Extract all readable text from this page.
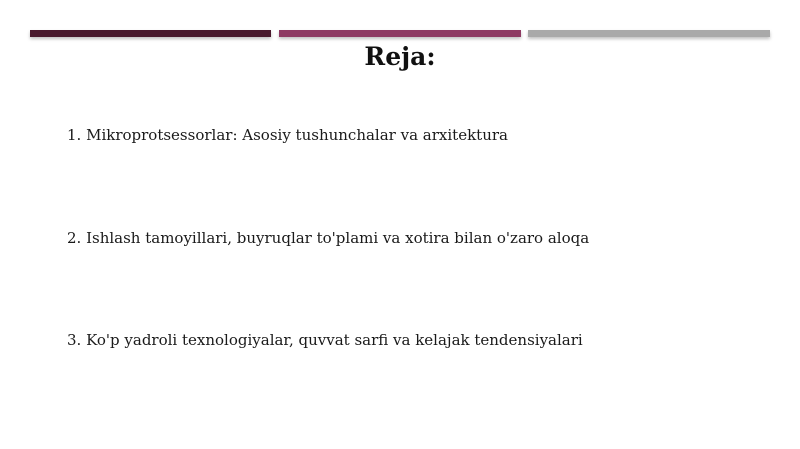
Reja:
1. Mikroprotsessorlar: Asosiy tushunchalar va arxitektura
2. Ishlash tamoyillari, buyruqlar to'plami va xotira bilan o'zaro aloqa
3. Ko'p yadroli texnologiyalar, quvvat sarfi va kelajak tendensiyalari
